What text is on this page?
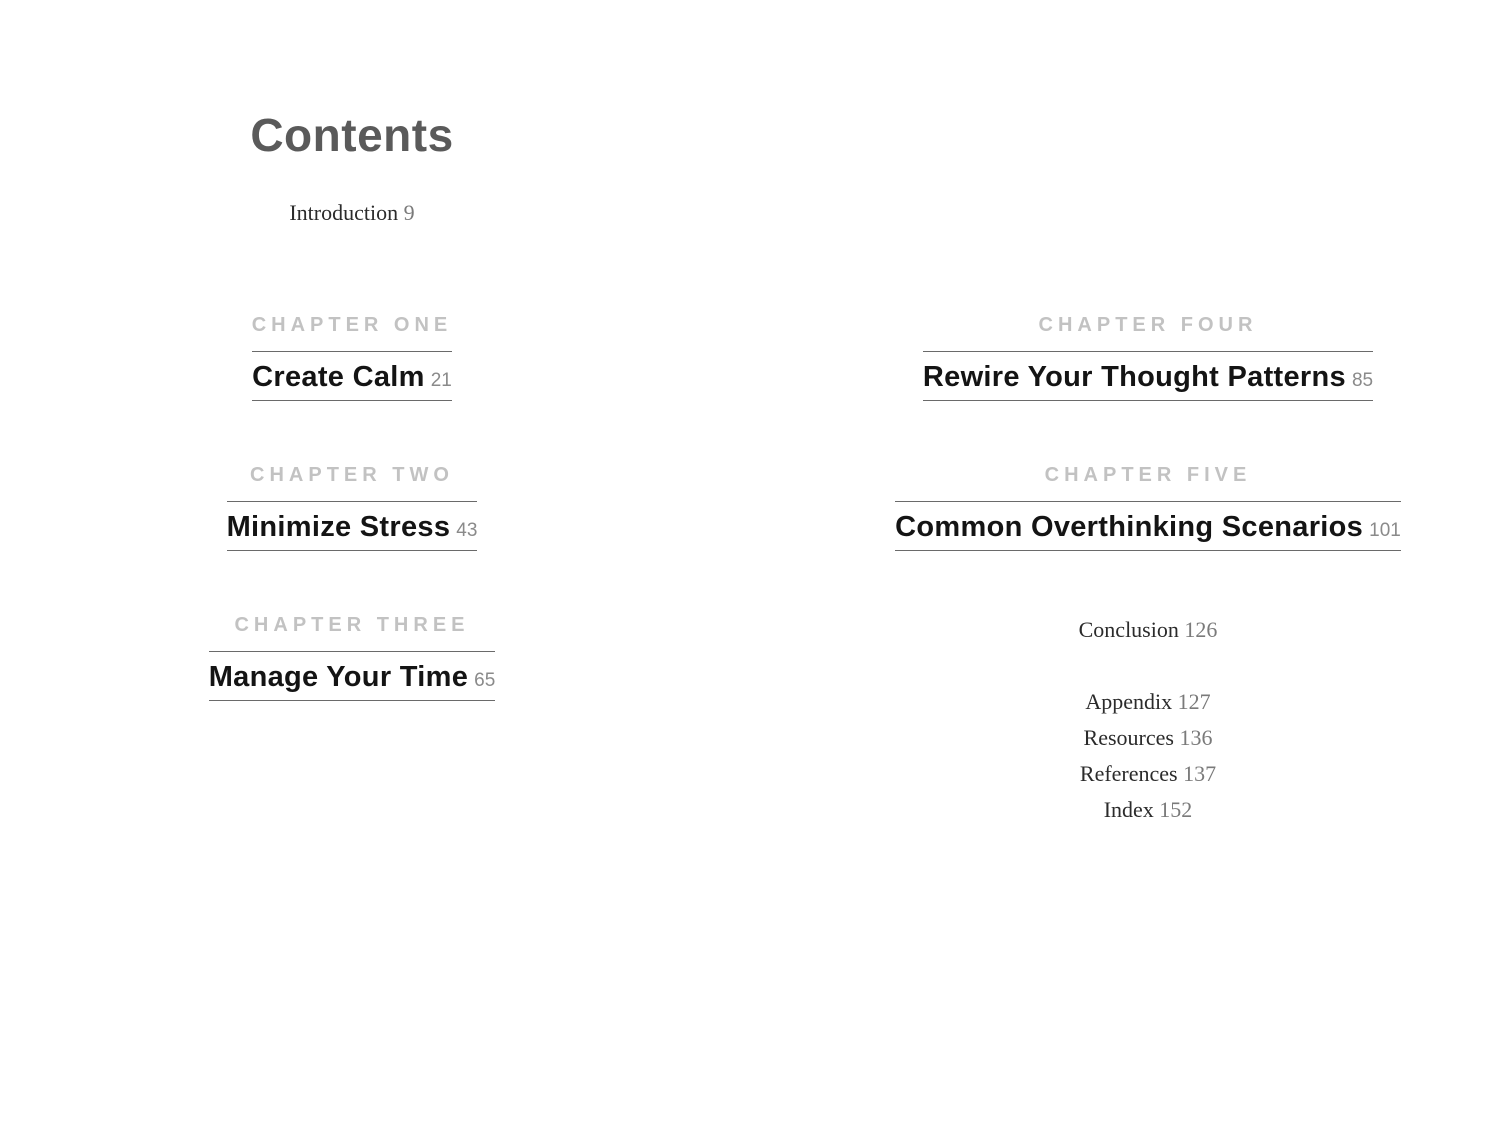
Contents
Introduction 9
CHAPTER ONE
Create Calm 21
CHAPTER TWO
Minimize Stress 43
CHAPTER THREE
Manage Your Time 65
CHAPTER FOUR
Rewire Your Thought Patterns 85
CHAPTER FIVE
Common Overthinking Scenarios 101
Conclusion 126
Appendix 127
Resources 136
References 137
Index 152
